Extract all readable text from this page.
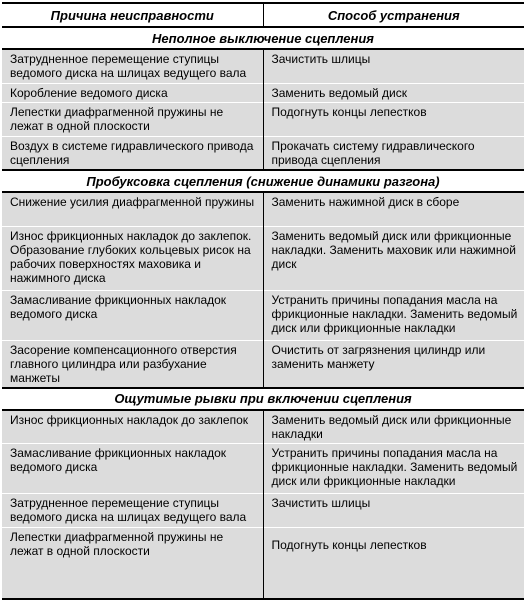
Причина неисправности	Способ устранения
Неполное выключение сцепления	
Затрудненное перемещение ступицы ведомого диска на шлицах ведущего вала	Зачистить шлицы
Коробление ведомого диска	Заменить ведомый диск
Лепестки диафрагменной пружины не лежат в одной плоскости	Подогнуть концы лепестков
Воздух в системе гидравлического привода сцепления	Прокачать систему гидравлического привода сцепления
Пробуксовка сцепления (снижение динамики разгона)	
Снижение усилия диафрагменной пружины	Заменить нажимной диск в сборе
Износ фрикционных накладок до заклепок. Образование глубоких кольцевых рисок на рабочих поверхностях маховика и нажимного диска	Заменить ведомый диск или фрикционные накладки. Заменить маховик или нажимной диск
Замасливание фрикционных накладок ведомого диска	Устранить причины попадания масла на фрикционные накладки. Заменить ведомый диск или фрикционные накладки
Засорение компенсационного отверстия главного цилиндра или разбухание манжеты	Очистить от загрязнения цилиндр или заменить манжету
Ощутимые рывки при включении сцепления	
Износ фрикционных накладок до заклепок	Заменить ведомый диск или фрикционные накладки
Замасливание фрикционных накладок ведомого диска	Устранить причины попадания масла на фрикционные накладки. Заменить ведомый диск или фрикционные накладки
Затрудненное перемещение ступицы ведомого диска на шлицах ведущего вала	Зачистить шлицы
Лепестки диафрагменной пружины не лежат в одной плоскости	Подогнуть концы лепестков
